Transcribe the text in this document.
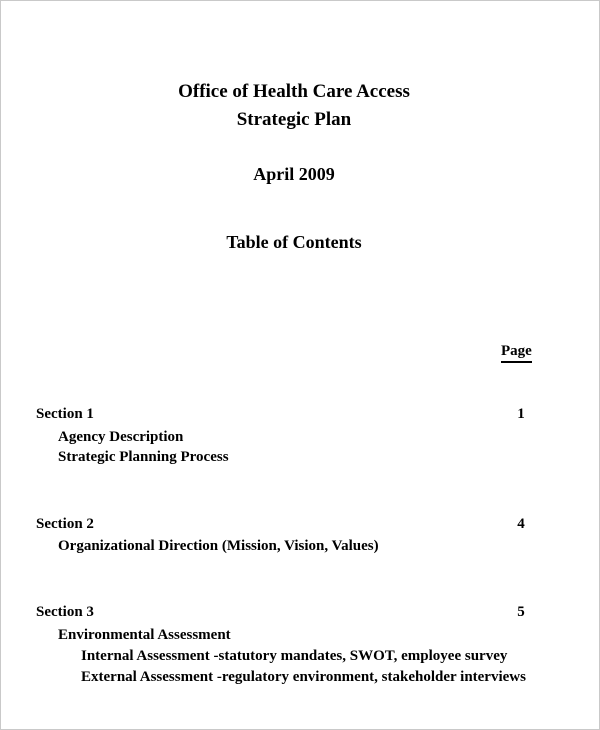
Office of Health Care Access
Strategic Plan
April 2009
Table of Contents
Page
Section 1	1
Agency Description
Strategic Planning Process
Section 2	4
Organizational Direction (Mission, Vision, Values)
Section 3	5
Environmental Assessment
Internal Assessment -statutory mandates, SWOT, employee survey
External Assessment -regulatory environment, stakeholder interviews
